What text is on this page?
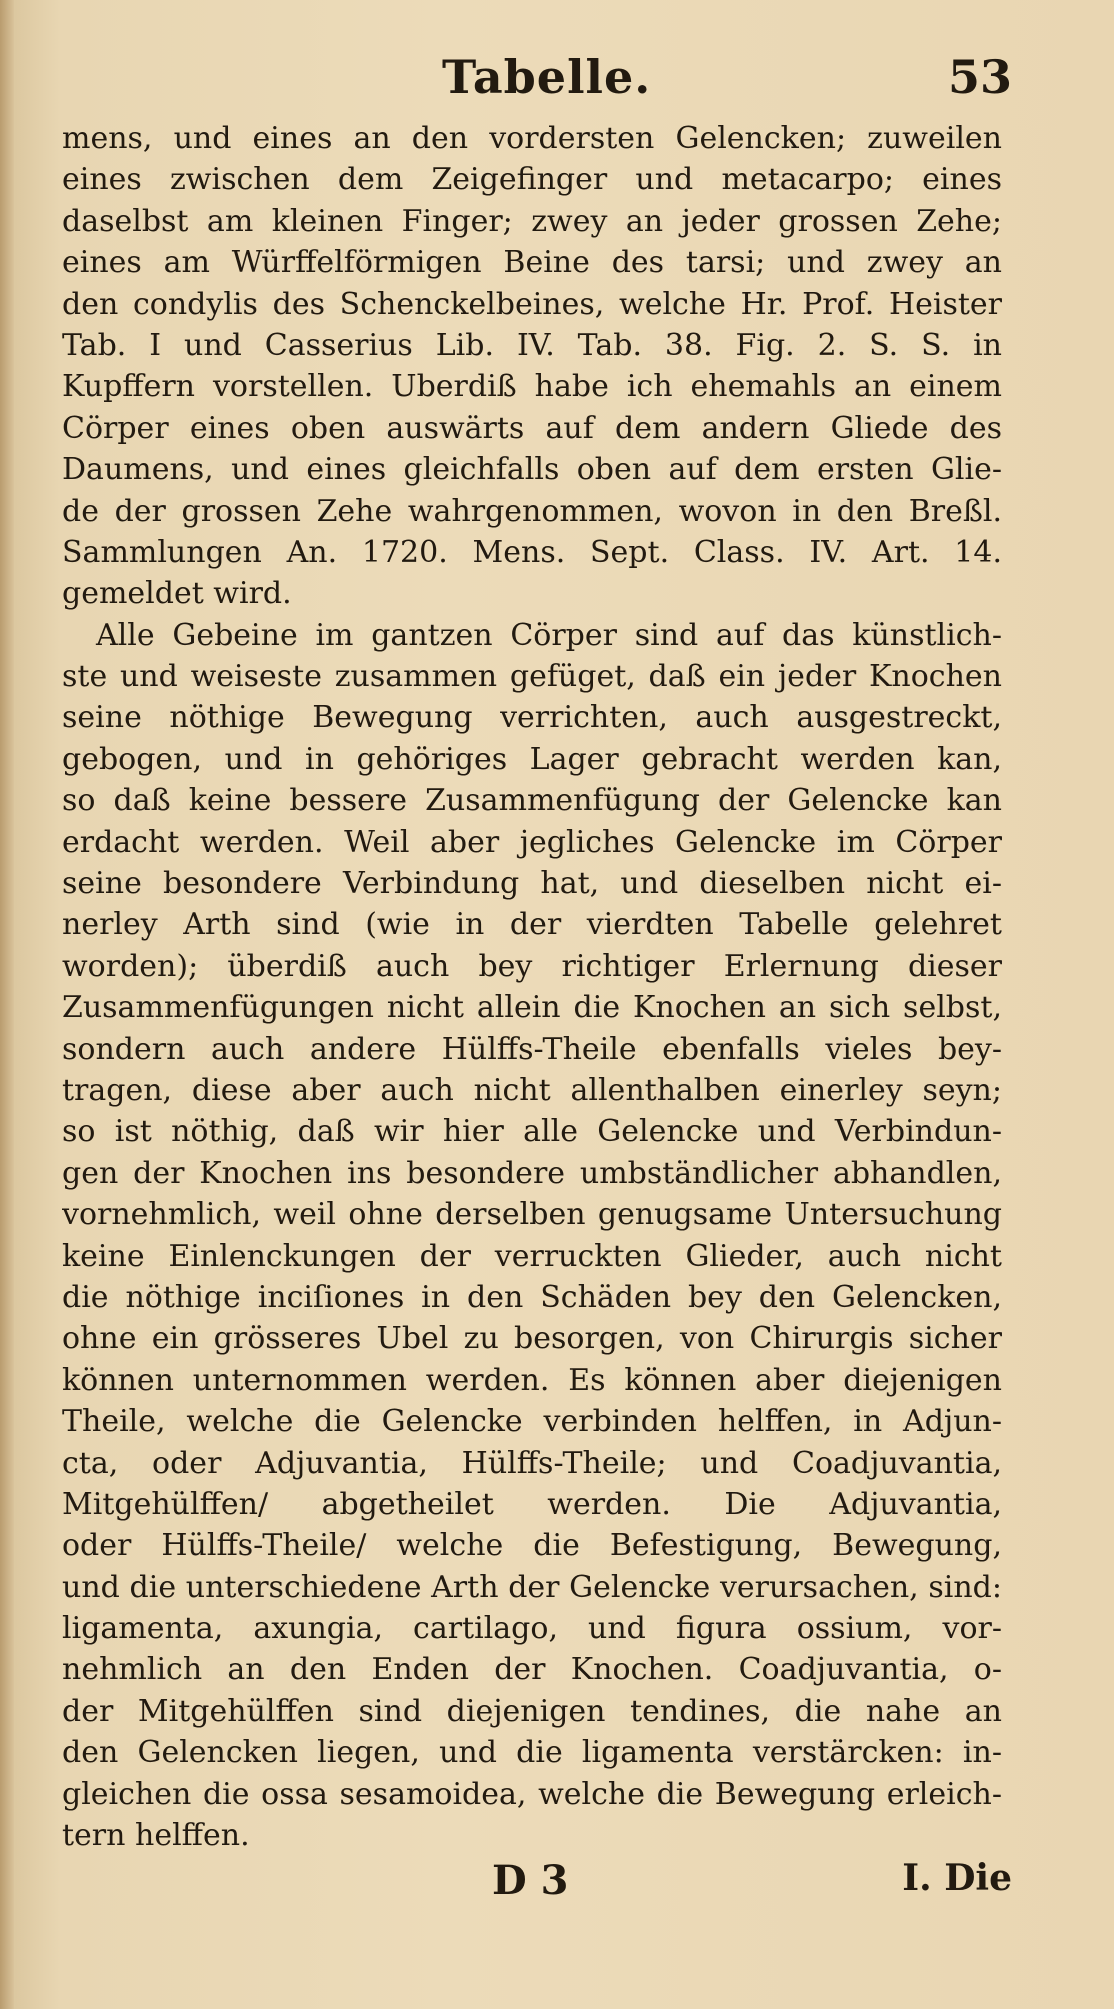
Tabelle.	53
mens, und eines an den vordersten Gelencken; zuweilen
eines zwischen dem Zeigefinger und metacarpo; eines
daselbst am kleinen Finger; zwey an jeder grossen Zehe;
eines am Würffelförmigen Beine des tarsi; und zwey an
den condylis des Schenckelbeines, welche Hr. Prof. Heister
Tab. I und Casserius Lib. IV. Tab. 38. Fig. 2. S. S. in
Kupffern vorstellen. Uberdiß habe ich ehemahls an einem
Cörper eines oben auswärts auf dem andern Gliede des
Daumens, und eines gleichfalls oben auf dem ersten Glie-
de der grossen Zehe wahrgenommen, wovon in den Breßl.
Sammlungen An. 1720. Mens. Sept. Class. IV. Art. 14.
gemeldet wird.
Alle Gebeine im gantzen Cörper sind auf das künstlich-
ste und weiseste zusammen gefüget, daß ein jeder Knochen
seine nöthige Bewegung verrichten, auch ausgestreckt,
gebogen, und in gehöriges Lager gebracht werden kan,
so daß keine bessere Zusammenfügung der Gelencke kan
erdacht werden. Weil aber jegliches Gelencke im Cörper
seine besondere Verbindung hat, und dieselben nicht ei-
nerley Arth sind (wie in der vierdten Tabelle gelehret
worden); überdiß auch bey richtiger Erlernung dieser
Zusammenfügungen nicht allein die Knochen an sich selbst,
sondern auch andere Hülffs-Theile ebenfalls vieles bey-
tragen, diese aber auch nicht allenthalben einerley seyn;
so ist nöthig, daß wir hier alle Gelencke und Verbindun-
gen der Knochen ins besondere umbständlicher abhandlen,
vornehmlich, weil ohne derselben genugsame Untersuchung
keine Einlenckungen der verruckten Glieder, auch nicht
die nöthige inciſiones in den Schäden bey den Gelencken,
ohne ein grösseres Ubel zu besorgen, von Chirurgis sicher
können unternommen werden. Es können aber diejenigen
Theile, welche die Gelencke verbinden helffen, in Adjun-
cta, oder Adjuvantia, Hülffs-Theile; und Coadjuvantia,
Mitgehülffen/ abgetheilet werden. Die Adjuvantia,
oder Hülffs-Theile/ welche die Befestigung, Bewegung,
und die unterschiedene Arth der Gelencke verursachen, sind:
ligamenta, axungia, cartilago, und figura ossium, vor-
nehmlich an den Enden der Knochen. Coadjuvantia, o-
der Mitgehülffen sind diejenigen tendines, die nahe an
den Gelencken liegen, und die ligamenta verstärcken: in-
gleichen die ossa sesamoidea, welche die Bewegung erleich-
tern helffen.
D 3	I. Die
